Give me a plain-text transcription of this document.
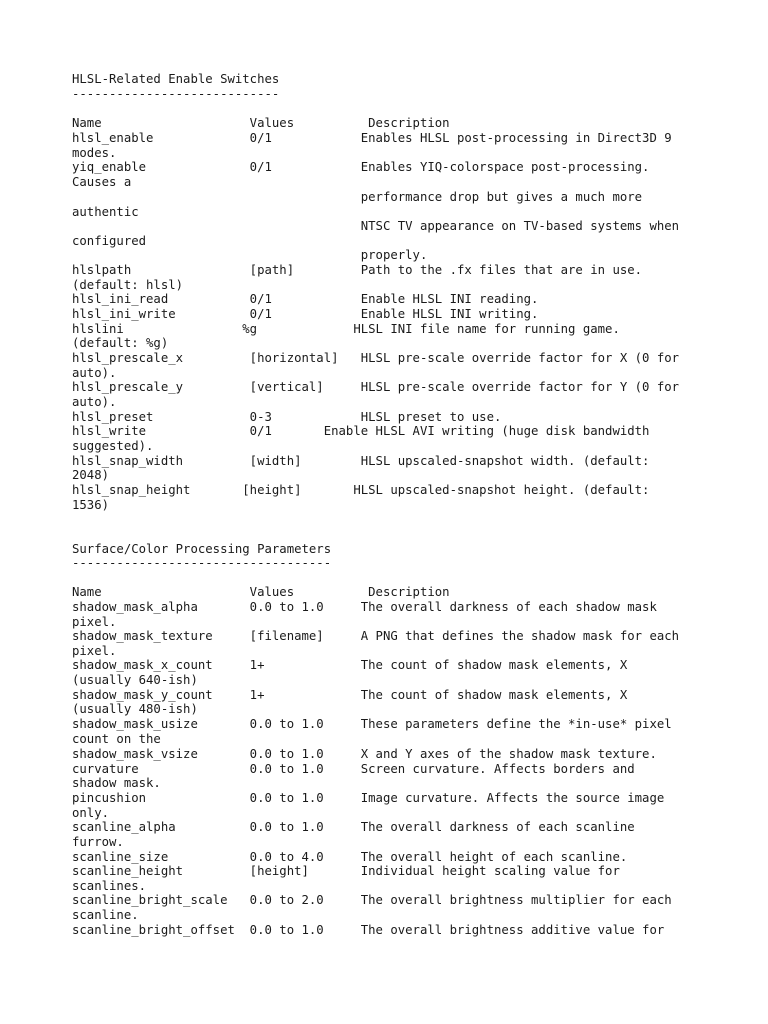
HLSL-Related Enable Switches
----------------------------
Name                    Values          Description
hlsl_enable             0/1            Enables HLSL post-processing in Direct3D 9
modes.
yiq_enable              0/1            Enables YIQ-colorspace post-processing.
Causes a
performance drop but gives a much more
authentic
NTSC TV appearance on TV-based systems when
configured
properly.
hlslpath                [path]         Path to the .fx files that are in use.
(default: hlsl)
hlsl_ini_read           0/1            Enable HLSL INI reading.
hlsl_ini_write          0/1            Enable HLSL INI writing.
hlslini                %g             HLSL INI file name for running game.
(default: %g)
hlsl_prescale_x         [horizontal]   HLSL pre-scale override factor for X (0 for
auto).
hlsl_prescale_y         [vertical]     HLSL pre-scale override factor for Y (0 for
auto).
hlsl_preset             0-3            HLSL preset to use.
hlsl_write              0/1       Enable HLSL AVI writing (huge disk bandwidth
suggested).
hlsl_snap_width         [width]        HLSL upscaled-snapshot width. (default:
2048)
hlsl_snap_height       [height]       HLSL upscaled-snapshot height. (default:
1536)
Surface/Color Processing Parameters
-----------------------------------
Name                    Values          Description
shadow_mask_alpha       0.0 to 1.0     The overall darkness of each shadow mask
pixel.
shadow_mask_texture     [filename]     A PNG that defines the shadow mask for each
pixel.
shadow_mask_x_count     1+             The count of shadow mask elements, X
(usually 640-ish)
shadow_mask_y_count     1+             The count of shadow mask elements, X
(usually 480-ish)
shadow_mask_usize       0.0 to 1.0     These parameters define the *in-use* pixel
count on the
shadow_mask_vsize       0.0 to 1.0     X and Y axes of the shadow mask texture.
curvature               0.0 to 1.0     Screen curvature. Affects borders and
shadow mask.
pincushion              0.0 to 1.0     Image curvature. Affects the source image
only.
scanline_alpha          0.0 to 1.0     The overall darkness of each scanline
furrow.
scanline_size           0.0 to 4.0     The overall height of each scanline.
scanline_height         [height]       Individual height scaling value for
scanlines.
scanline_bright_scale   0.0 to 2.0     The overall brightness multiplier for each
scanline.
scanline_bright_offset  0.0 to 1.0     The overall brightness additive value for
